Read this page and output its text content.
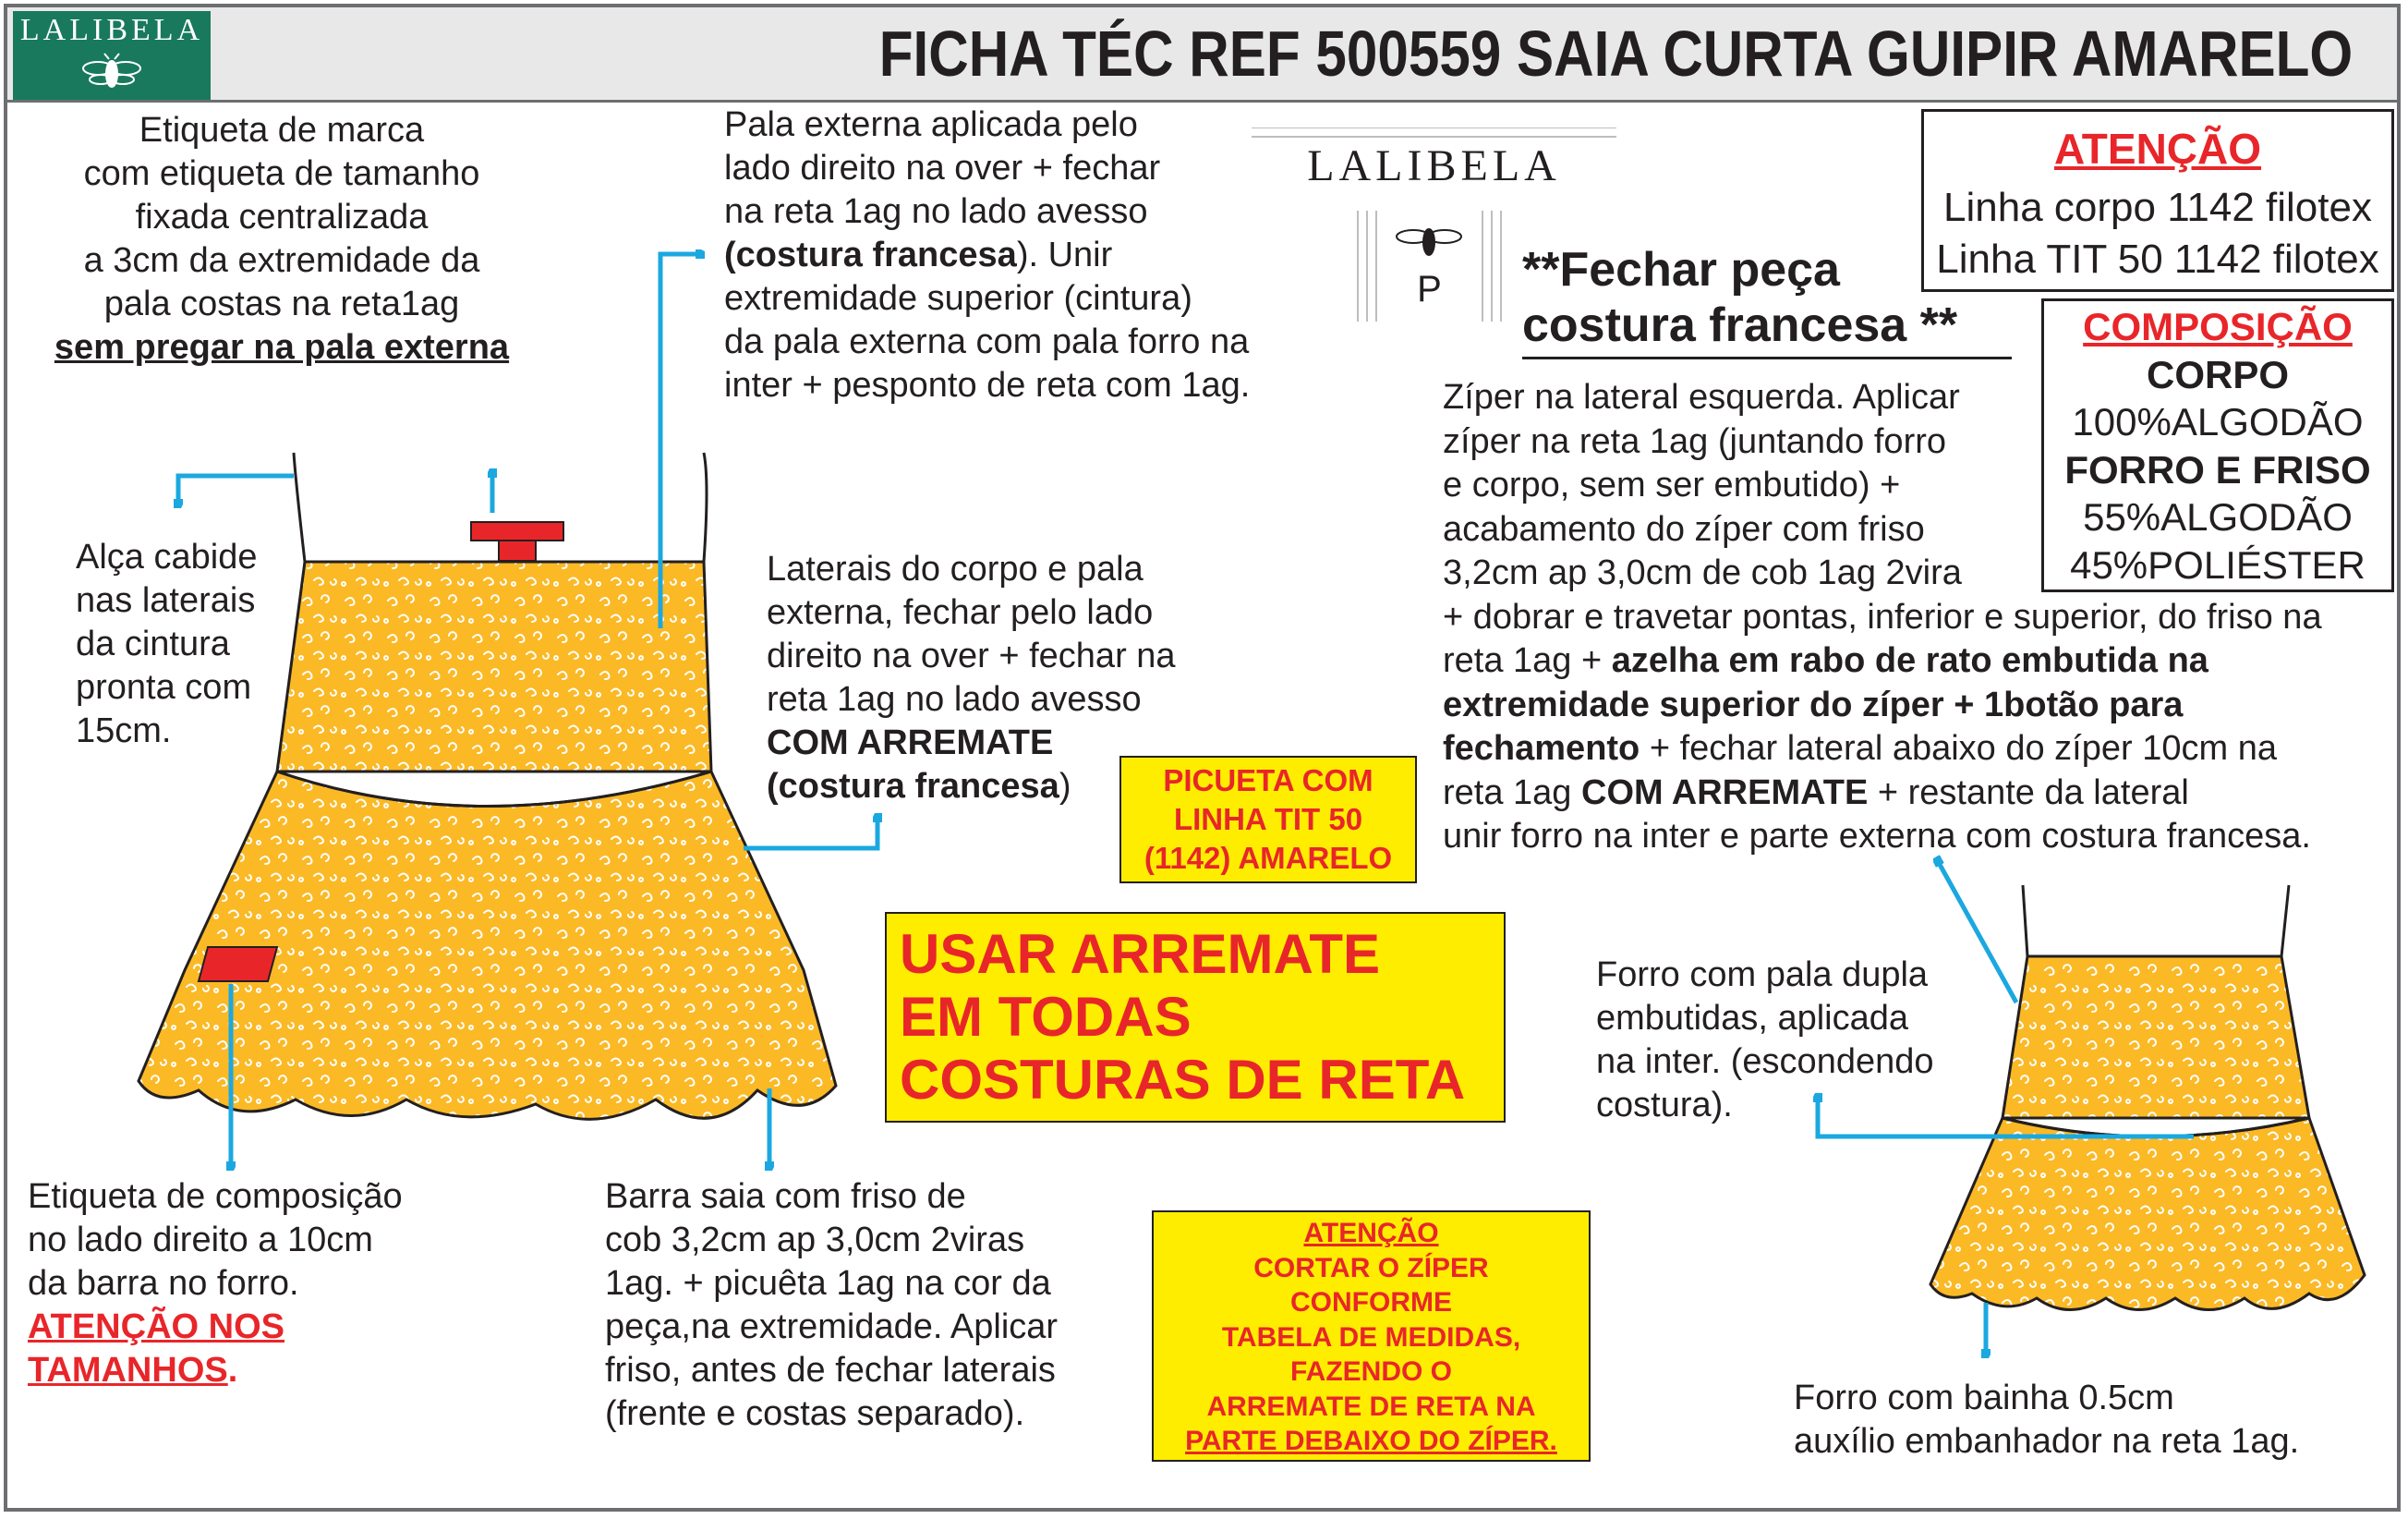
LALIBELA	FICHA TÉC REF 500559 SAIA CURTA GUIPIR AMARELO
LALIBELA
P
Etiqueta de marca
com etiqueta de tamanho
fixada centralizada
a 3cm da extremidade da
pala costas na reta1ag
sem pregar na pala externa
Pala externa aplicada pelo
lado direito na over + fechar
na reta 1ag no lado avesso
(costura francesa). Unir
extremidade superior (cintura)
da pala externa com pala forro na
inter + pesponto de reta com 1ag.
Alça cabide
nas laterais
da cintura
pronta com
15cm.
Laterais do corpo e pala
externa, fechar pelo lado
direito na over + fechar na
reta 1ag no lado avesso
COM ARREMATE
(costura francesa)	PICUETA COM
LINHA TIT 50
(1142) AMARELO
USAR ARREMATE
EM TODAS
COSTURAS DE RETA
Etiqueta de composição
no lado direito a 10cm
da barra no forro.
ATENÇÃO NOS
TAMANHOS.
Barra saia com friso de
cob 3,2cm ap 3,0cm 2viras
1ag. + picuêta 1ag na cor da
peça,na extremidade. Aplicar
friso, antes de fechar laterais
(frente e costas separado).
ATENÇÃO
CORTAR O ZÍPER
CONFORME
TABELA DE MEDIDAS,
FAZENDO O
ARREMATE DE RETA NA
PARTE DEBAIXO DO ZÍPER.
**Fechar peça
costura francesa **
ATENÇÃO
Linha corpo 1142 filotex
Linha TIT 50 1142 filotex
COMPOSIÇÃO
CORPO
100%ALGODÃO
FORRO E FRISO
55%ALGODÃO
45%POLIÉSTER
Zíper na lateral esquerda. Aplicar
zíper na reta 1ag (juntando forro
e corpo, sem ser embutido) +
acabamento do zíper com friso
3,2cm ap 3,0cm de cob 1ag 2vira
+ dobrar e travetar pontas, inferior e superior, do friso na
reta 1ag + azelha em rabo de rato embutida na
extremidade superior do zíper + 1botão para
fechamento + fechar lateral abaixo do zíper 10cm na
reta 1ag COM ARREMATE + restante da lateral
unir forro na inter e parte externa com costura francesa.
Forro com pala dupla
embutidas, aplicada
na inter. (escondendo
costura).
Forro com bainha 0.5cm
auxílio embanhador na reta 1ag.
